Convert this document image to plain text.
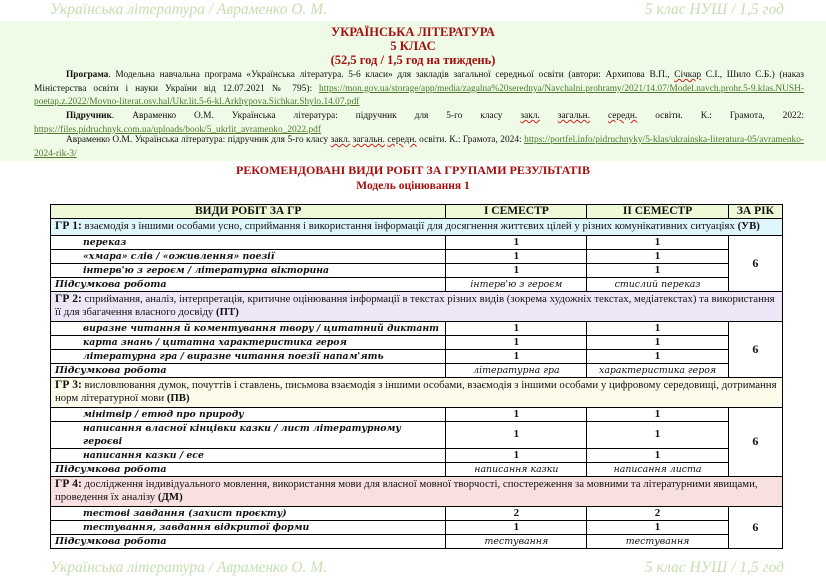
Українська література / Авраменко О. М.	5 клас НУШ / 1,5 год
УКРАЇНСЬКА ЛІТЕРАТУРА
5 КЛАС
(52,5 год / 1,5 год на тиждень)
Програма. Модельна навчальна програма «Українська література. 5-6 класи» для закладів загальної середньої освіти (автори: Архипова В.П., Січкар С.І., Шило С.Б.) (наказ Міністерства освіти і науки України від 12.07.2021 № 795): https://mon.gov.ua/storage/app/media/zagalna%20serednya/Navchalni.prohramy/2021/14.07/Model.navch.prohr.5-9.klas.NUSH-poetap.z.2022/Movno-literat.osv.hal/Ukr.lit.5-6-kl.Arkhypova.Sichkar.Shylo.14.07.pdf
Підручник. Авраменко О.М. Українська література: підручник для 5-го класу закл. загальн. середн. освіти. К.: Грамота, 2022: https://files.pidruchnyk.com.ua/uploads/book/5_ukrlit_avramenko_2022.pdf
Авраменко О.М. Українська література: підручник для 5-го класу закл. загальн. середн. освіти. К.: Грамота, 2024: https://portfel.info/pidruchnyky/5-klas/ukrainska-literatura-05/avramenko-2024-rik-3/
РЕКОМЕНДОВАНІ ВИДИ РОБІТ ЗА ГРУПАМИ РЕЗУЛЬТАТІВ
Модель оцінювання 1
ВИДИ РОБІТ ЗА ГР	І СЕМЕСТР	ІІ СЕМЕСТР	ЗА РІК
ГР 1: взаємодія з іншими особами усно, сприймання і використання інформації для досягнення життєвих цілей у різних комунікативних ситуаціях (УВ)			
переказ	1	1	6
«хмара» слів / «оживлення» поезії	1	1	
інтерв'ю з героєм / літературна вікторина	1	1	
Підсумкова робота	інтерв'ю з героєм	стислий переказ	
ГР 2: сприймання, аналіз, інтерпретація, критичне оцінювання інформації в текстах різних видів (зокрема художніх текстах, медіатекстах) та використання її для збагачення власного досвіду (ПТ)			
виразне читання й коментування твору / цитатний диктант	1	1	6
карта знань / цитатна характеристика героя	1	1	
літературна гра / виразне читання поезії напам'ять	1	1	
Підсумкова робота	літературна гра	характеристика героя	
ГР 3: висловлювання думок, почуттів і ставлень, письмова взаємодія з іншими особами, взаємодія з іншими особами у цифровому середовищі, дотримання норм літературної мови (ПВ)			
мінітвір / етюд про природу	1	1	6
написання власної кінцівки казки / лист літературному героєві	1	1	
написання казки / есе	1	1	
Підсумкова робота	написання казки	написання листа	
ГР 4: дослідження індивідуального мовлення, використання мови для власної мовної творчості, спостереження за мовними та літературними явищами, проведення їх аналізу (ДМ)			
тестові завдання (захист проєкту)	2	2	6
тестування, завдання відкритої форми	1	1	
Підсумкова робота	тестування	тестування	
Українська література / Авраменко О. М.	5 клас НУШ / 1,5 год
